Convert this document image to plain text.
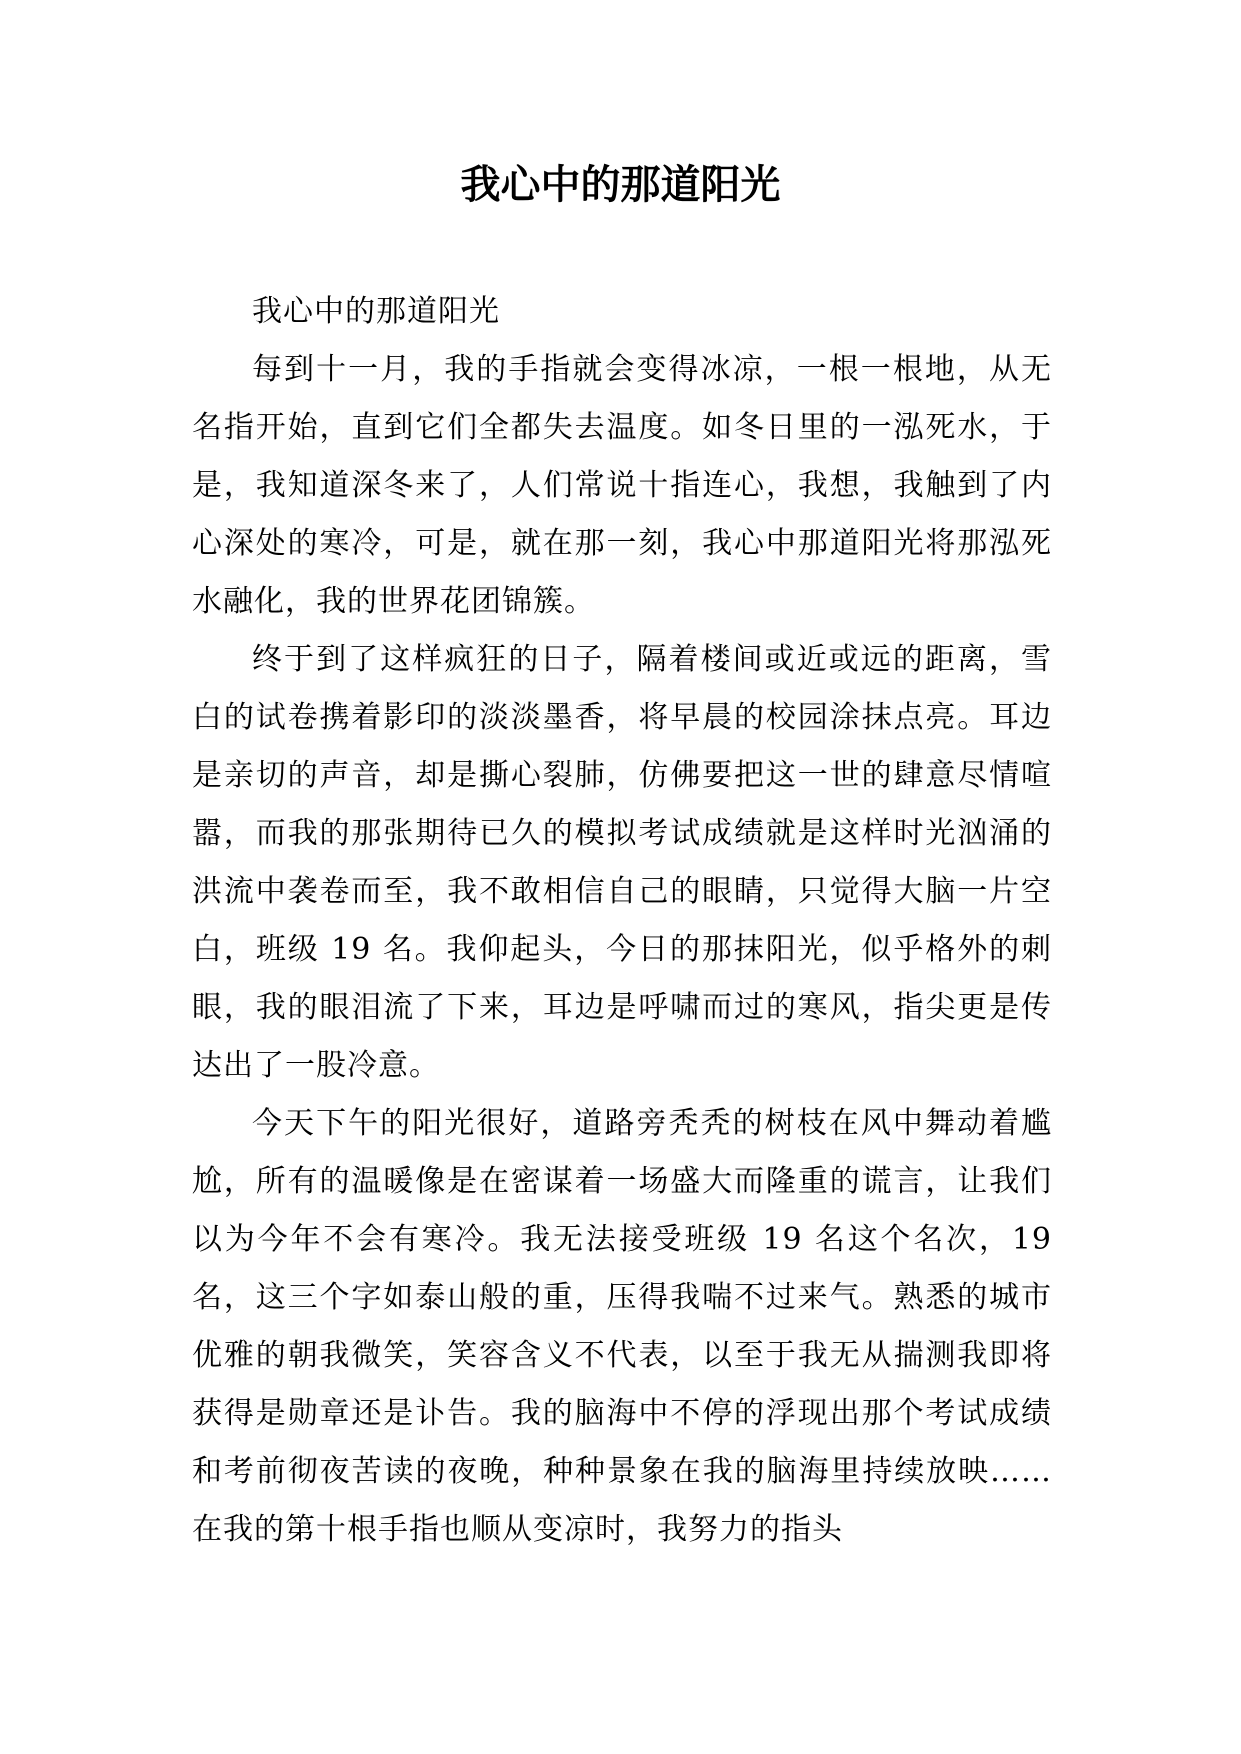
我心中的那道阳光

我心中的那道阳光

每到十一月，我的手指就会变得冰凉，一根一根地，从无名指开始，直到它们全都失去温度。如冬日里的一泓死水，于是，我知道深冬来了，人们常说十指连心，我想，我触到了内心深处的寒冷，可是，就在那一刻，我心中那道阳光将那泓死水融化，我的世界花团锦簇。

终于到了这样疯狂的日子，隔着楼间或近或远的距离，雪白的试卷携着影印的淡淡墨香，将早晨的校园涂抹点亮。耳边是亲切的声音，却是撕心裂肺，仿佛要把这一世的肆意尽情喧嚣，而我的那张期待已久的模拟考试成绩就是这样时光汹涌的洪流中袭卷而至，我不敢相信自己的眼睛，只觉得大脑一片空白，班级 19 名。我仰起头，今日的那抹阳光，似乎格外的刺眼，我的眼泪流了下来，耳边是呼啸而过的寒风，指尖更是传达出了一股冷意。

今天下午的阳光很好，道路旁秃秃的树枝在风中舞动着尴尬，所有的温暖像是在密谋着一场盛大而隆重的谎言，让我们以为今年不会有寒冷。我无法接受班级 19 名这个名次，19 名，这三个字如泰山般的重，压得我喘不过来气。熟悉的城市优雅的朝我微笑，笑容含义不代表，以至于我无从揣测我即将获得是勋章还是讣告。我的脑海中不停的浮现出那个考试成绩和考前彻夜苦读的夜晚，种种景象在我的脑海里持续放映……在我的第十根手指也顺从变凉时，我努力的指头
